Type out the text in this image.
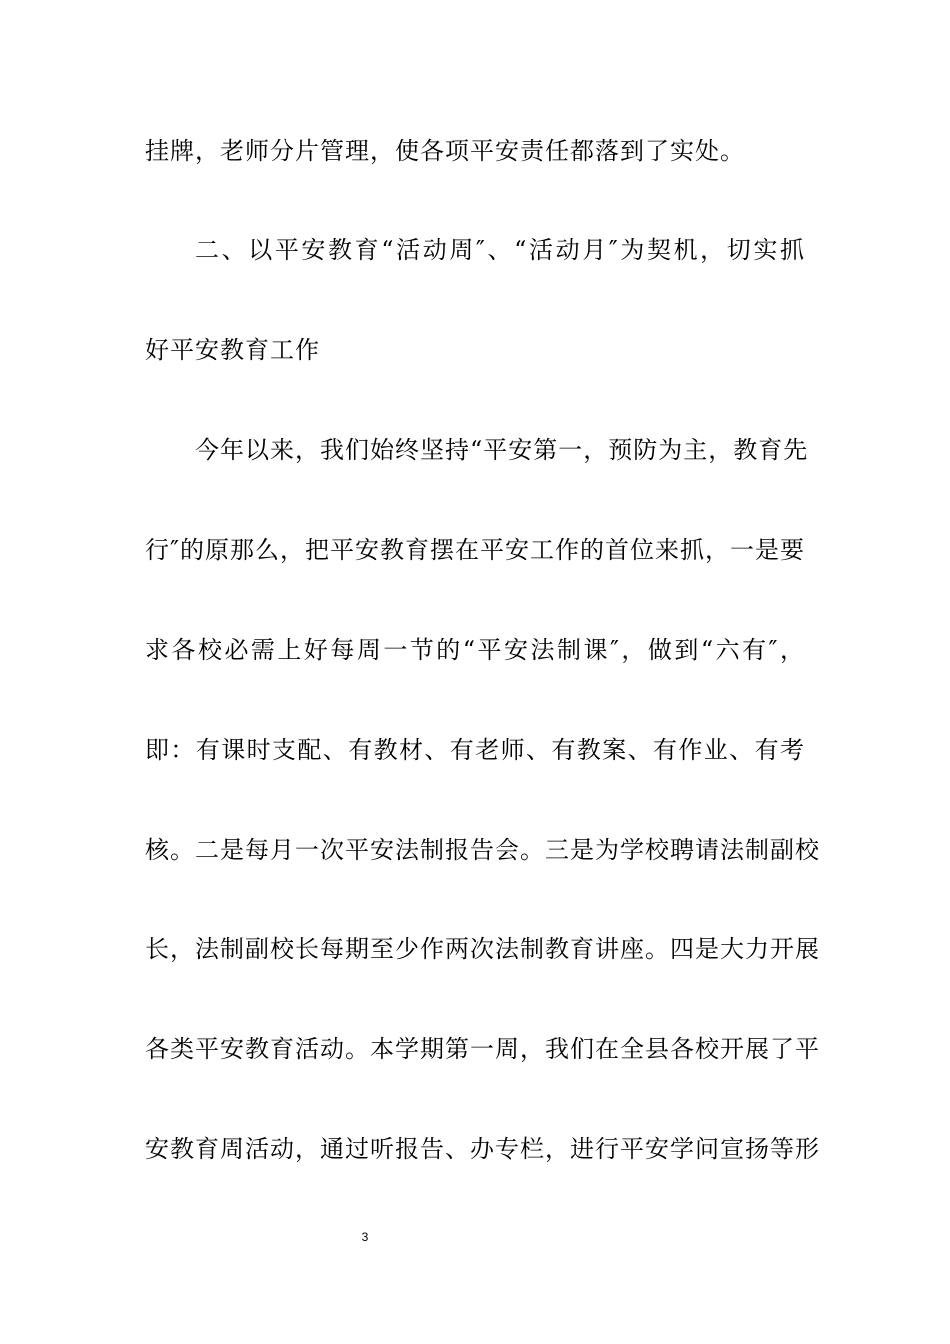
挂牌，老师分片管理，使各项平安责任都落到了实处。
二、以平安教育“活动周″、“活动月″为契机，切实抓
好平安教育工作
今年以来，我们始终坚持“平安第一，预防为主，教育先
行″的原那么，把平安教育摆在平安工作的首位来抓，一是要
求各校必需上好每周一节的“平安法制课″，做到“六有″，
即：有课时支配、有教材、有老师、有教案、有作业、有考
核。二是每月一次平安法制报告会。三是为学校聘请法制副校
长，法制副校长每期至少作两次法制教育讲座。四是大力开展
各类平安教育活动。本学期第一周，我们在全县各校开展了平
安教育周活动，通过听报告、办专栏，进行平安学问宣扬等形
3
